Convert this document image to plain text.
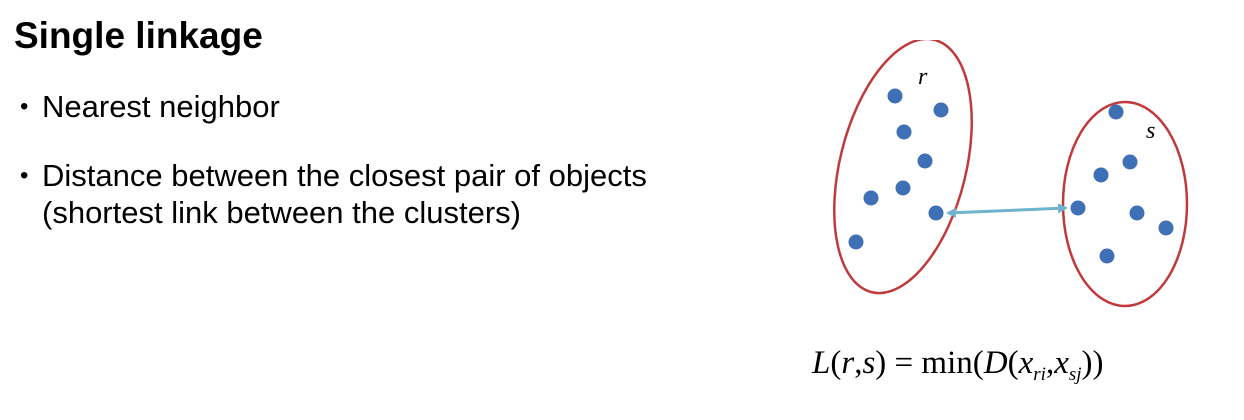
Single linkage
• Nearest neighbor
• Distance between the closest pair of objects
(shortest link between the clusters)
r
s
$L(r,s) = \min(D(x_{ri},x_{sj}))$
